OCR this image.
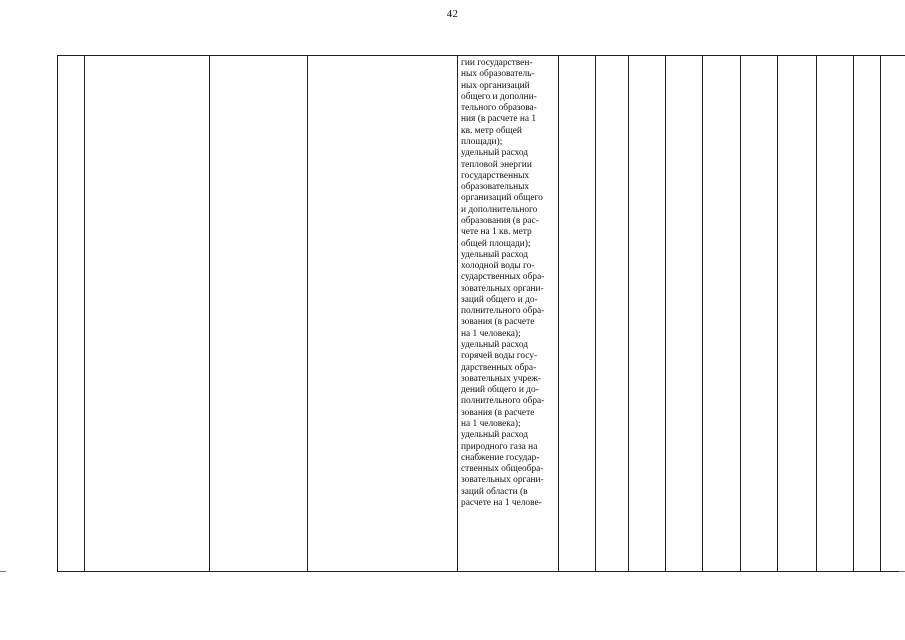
42

гии государствен-
ных образователь-
ных организаций
общего и дополни-
тельного образова-
ния (в расчете на 1
кв. метр общей
площади);
удельный расход
тепловой энергии
государственных
образовательных
организаций общего
и дополнительного
образования (в рас-
чете на 1 кв. метр
общей площади);
удельный расход
холодной воды го-
сударственных обра-
зовательных органи-
заций общего и до-
полнительного обра-
зования (в расчете
на 1 человека);
удельный расход
горячей воды госу-
дарственных обра-
зовательных учреж-
дений общего и до-
полнительного обра-
зования (в расчете
на 1 человека);
удельный расход
природного газа на
снабжение государ-
ственных общеобра-
зовательных органи-
заций области (в
расчете на 1 челове-
